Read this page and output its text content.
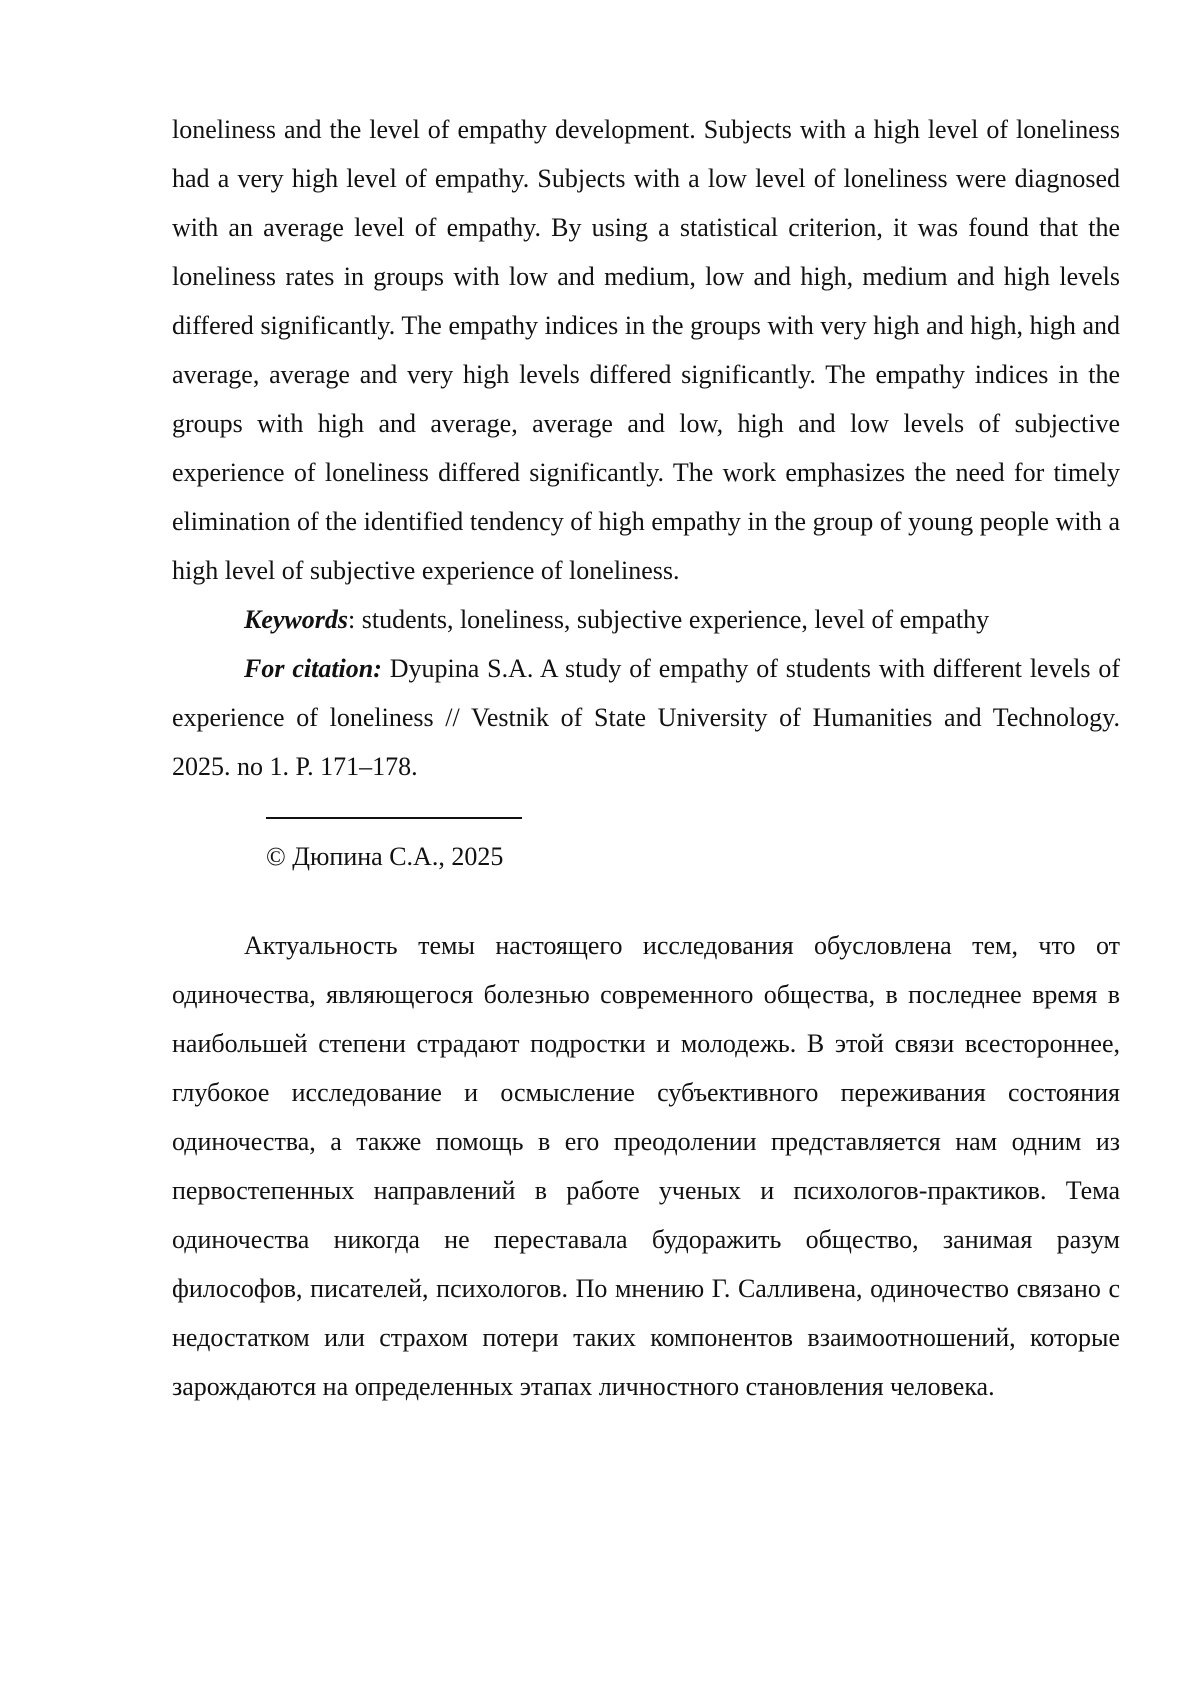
loneliness and the level of empathy development. Subjects with a high level of loneliness had a very high level of empathy. Subjects with a low level of loneliness were diagnosed with an average level of empathy. By using a statistical criterion, it was found that the loneliness rates in groups with low and medium, low and high, medium and high levels differed significantly. The empathy indices in the groups with very high and high, high and average, average and very high levels differed significantly. The empathy indices in the groups with high and average, average and low, high and low levels of subjective experience of loneliness differed significantly. The work emphasizes the need for timely elimination of the identified tendency of high empathy in the group of young people with a high level of subjective experience of loneliness.

Keywords: students, loneliness, subjective experience, level of empathy

For citation: Dyupina S.A. A study of empathy of students with different levels of experience of loneliness // Vestnik of State University of Humanities and Technology. 2025. no 1. P. 171–178.

© Дюпина С.А., 2025

Актуальность темы настоящего исследования обусловлена тем, что от одиночества, являющегося болезнью современного общества, в последнее время в наибольшей степени страдают подростки и молодежь. В этой связи всестороннее, глубокое исследование и осмысление субъективного переживания состояния одиночества, а также помощь в его преодолении представляется нам одним из первостепенных направлений в работе ученых и психологов-практиков. Тема одиночества никогда не переставала будоражить общество, занимая разум философов, писателей, психологов. По мнению Г. Салливена, одиночество связано с недостатком или страхом потери таких компонентов взаимоотношений, которые зарождаются на определенных этапах личностного становления человека.
